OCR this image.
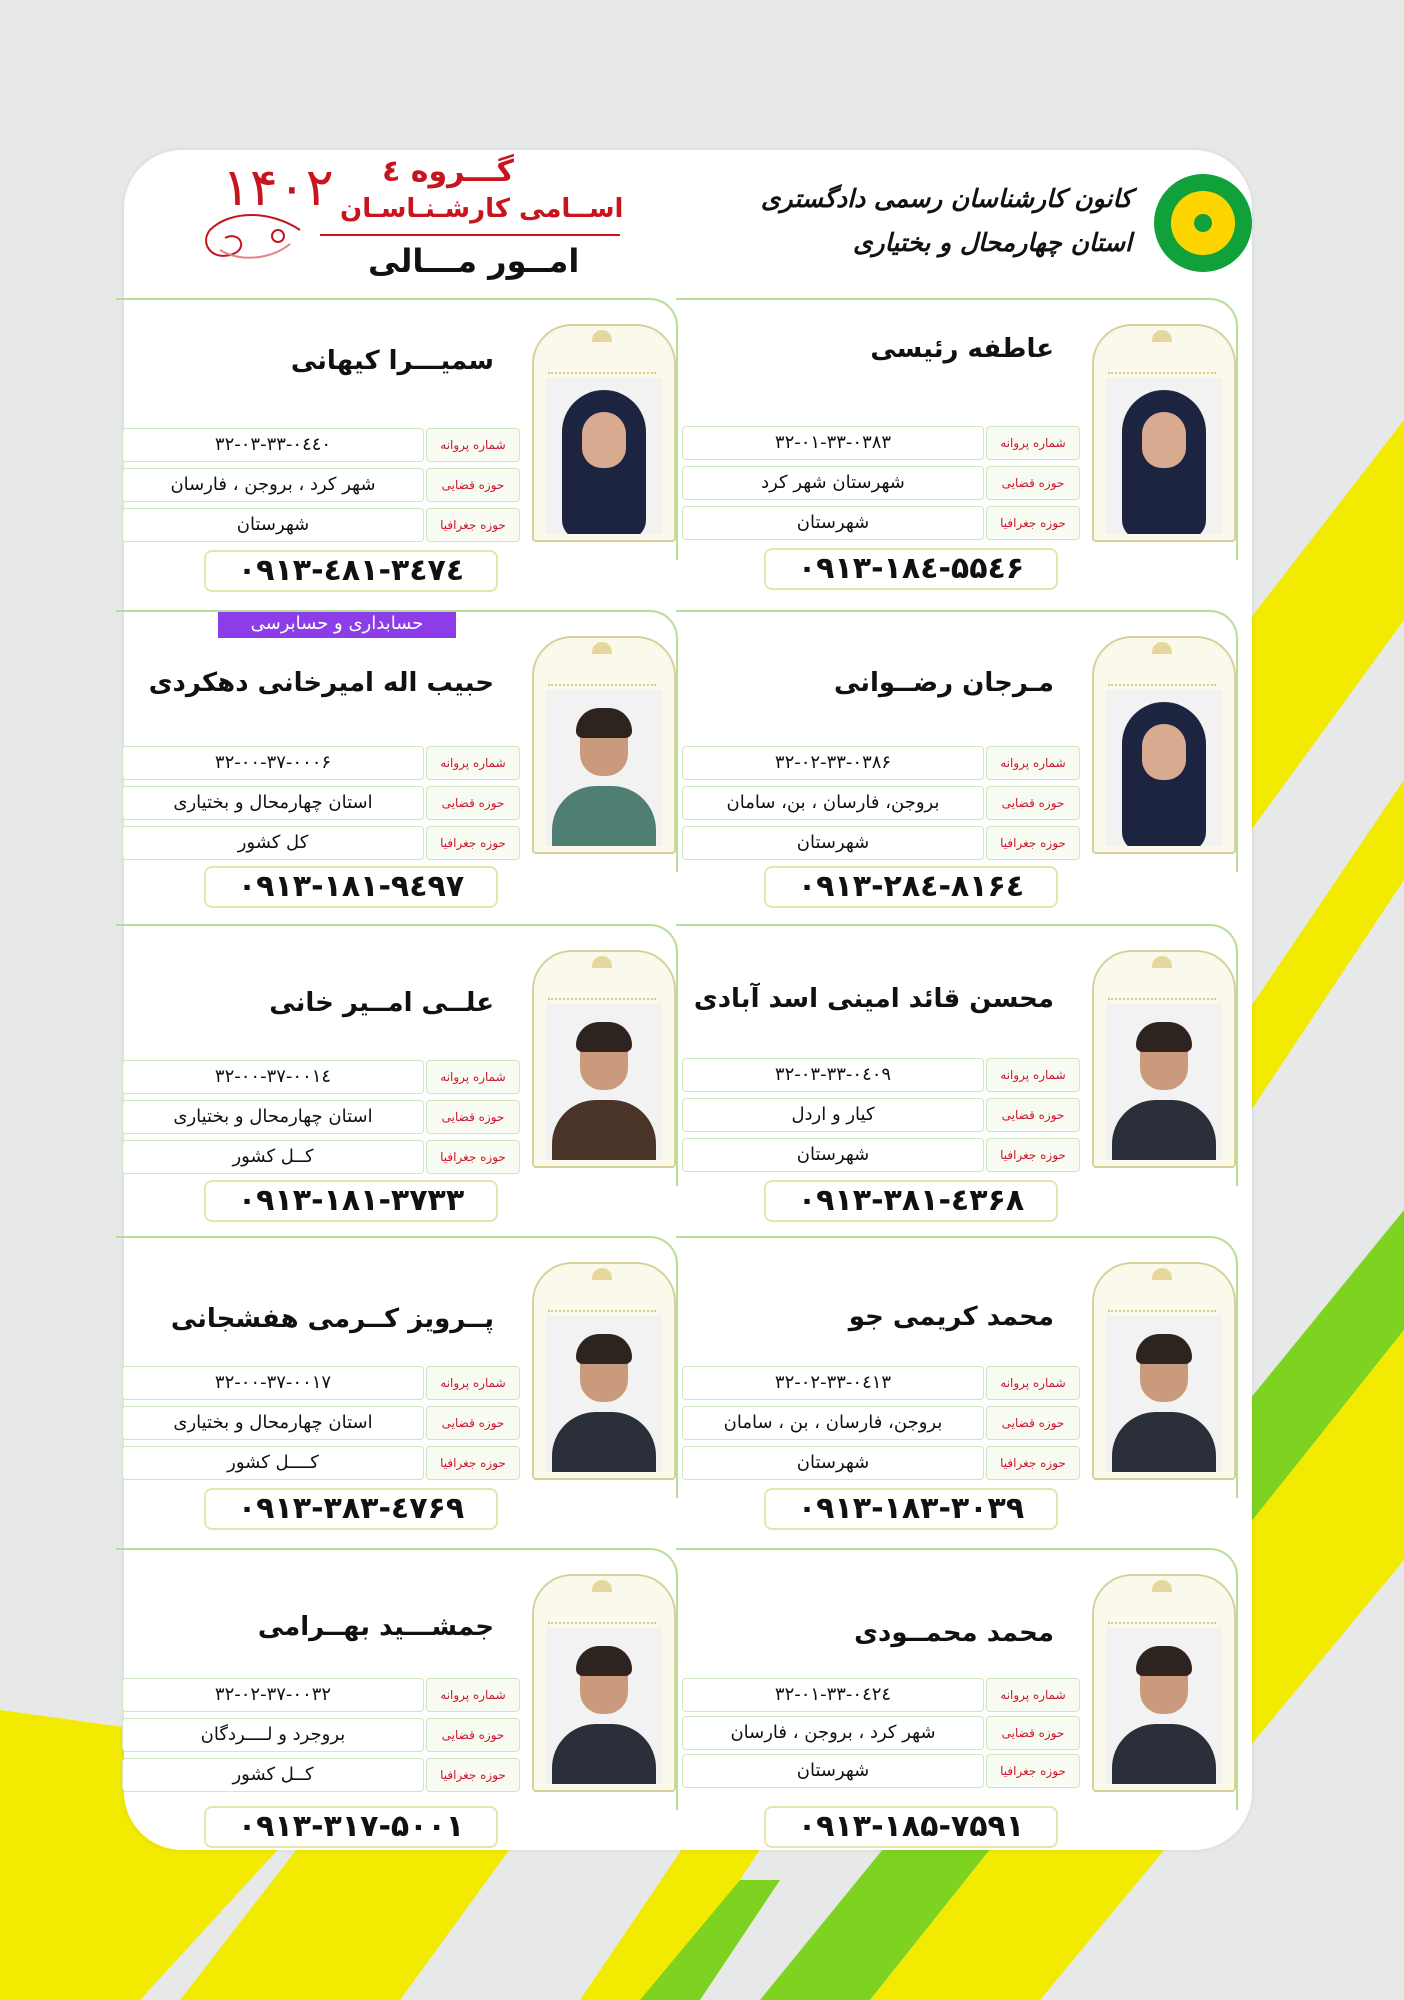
کانون کارشناسان رسمی دادگستری
استان چهارمحال و بختیاری
۱۴۰۲ گـــروه ٤
اســامی کارشـنـاسـان
امــور مـــالی
حسابداری و حسابرسی
عاطفه رئیسی
۳۲-۰۱-۳۳-۰۳۸۳	شماره پروانه
شهرستان شهر کرد	حوزه قضایی
شهرستان	حوزه جغرافیا
۰۹۱۳-۱۸٤-۵۵٤۶
سمیـــرا کیهانی
۳۲-۰۳-۳۳-۰٤٤۰	شماره پروانه
شهر کرد ، بروجن ، فارسان	حوزه قضایی
شهرستان	حوزه جغرافیا
۰۹۱۳-٤۸۱-۳٤۷٤
مـرجان رضــوانی
۳۲-۰۲-۳۳-۰۳۸۶	شماره پروانه
بروجن، فارسان ، بن، سامان	حوزه قضایی
شهرستان	حوزه جغرافیا
۰۹۱۳-۲۸٤-۸۱۶٤
حبیب اله امیرخانی دهکردی
۳۲-۰۰-۳۷-۰۰۰۶	شماره پروانه
استان چهارمحال و بختیاری	حوزه قضایی
کل کشور	حوزه جغرافیا
۰۹۱۳-۱۸۱-۹٤۹۷
محسن قائد امینی اسد آبادی
۳۲-۰۳-۳۳-۰٤۰۹	شماره پروانه
کیار و اردل	حوزه قضایی
شهرستان	حوزه جغرافیا
۰۹۱۳-۳۸۱-٤۳۶۸
علــی امــیر خانی
۳۲-۰۰-۳۷-۰۰۱٤	شماره پروانه
استان چهارمحال و بختیاری	حوزه قضایی
کــل کشور	حوزه جغرافیا
۰۹۱۳-۱۸۱-۳۷۳۳
محمد کریمی جو
۳۲-۰۲-۳۳-۰٤۱۳	شماره پروانه
بروجن، فارسان ، بن ، سامان	حوزه قضایی
شهرستان	حوزه جغرافیا
۰۹۱۳-۱۸۳-۳۰۳۹
پــرویز کــرمی هفشجانی
۳۲-۰۰-۳۷-۰۰۱۷	شماره پروانه
استان چهارمحال و بختیاری	حوزه قضایی
کــــل کشور	حوزه جغرافیا
۰۹۱۳-۳۸۳-٤۷۶۹
محمد محمــودی
۳۲-۰۱-۳۳-۰٤۲٤	شماره پروانه
شهر کرد ، بروجن ، فارسان	حوزه قضایی
شهرستان	حوزه جغرافیا
۰۹۱۳-۱۸۵-۷۵۹۱
جمشـــید بهــرامی
۳۲-۰۲-۳۷-۰۰۳۲	شماره پروانه
بروجرد و لــــردگان	حوزه قضایی
کــل کشور	حوزه جغرافیا
۰۹۱۳-۳۱۷-۵۰۰۱
